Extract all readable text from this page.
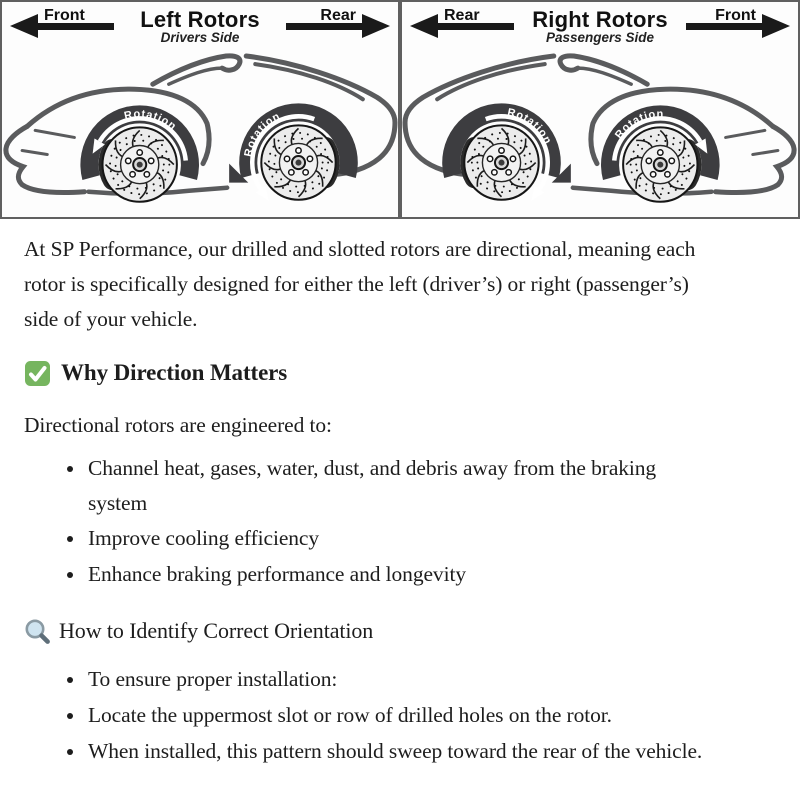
Front	Left Rotors
Drivers Side
Rear
Rotation
Rotation
Rear Right Rotors
Passengers Side
Front
Rotation	Rotation

At SP Performance, our drilled and slotted rotors are directional, meaning each rotor is specifically designed for either the left (driver’s) or right (passenger’s) side of your vehicle.

Why Direction Matters

Directional rotors are engineered to:

• Channel heat, gases, water, dust, and debris away from the braking system
• Improve cooling efficiency
• Enhance braking performance and longevity
How to Identify Correct Orientation
• To ensure proper installation:
• Locate the uppermost slot or row of drilled holes on the rotor.
• When installed, this pattern should sweep toward the rear of the vehicle.
